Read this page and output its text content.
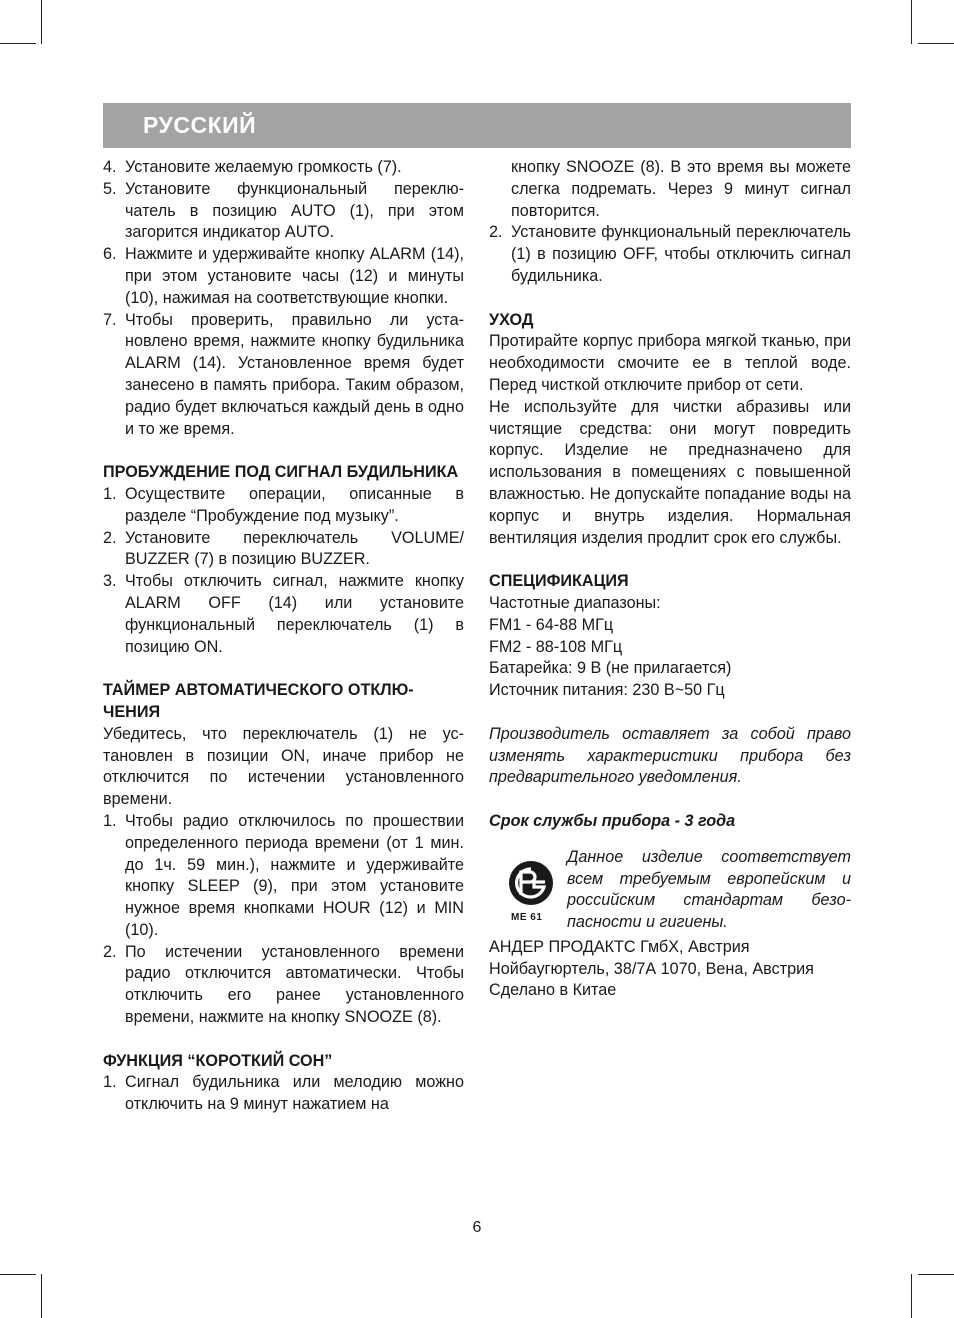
РУССКИЙ
4. Установите желаемую громкость (7).
5. Установите функциональный переключатель в позицию AUTO (1), при этом загорится индикатор AUTO.
6. Нажмите и удерживайте кнопку ALARM (14), при этом установите часы (12) и минуты (10), нажимая на соответствующие кнопки.
7. Чтобы проверить, правильно ли установлено время, нажмите кнопку будильника ALARM (14). Установленное время будет занесено в память прибора. Таким образом, радио будет включаться каждый день в одно и то же время.
ПРОБУЖДЕНИЕ ПОД СИГНАЛ БУДИЛЬНИКА
1. Осуществите операции, описанные в разделе “Пробуждение под музыку”.
2. Установите переключатель VOLUME/ BUZZER (7) в позицию BUZZER.
3. Чтобы отключить сигнал, нажмите кнопку ALARM OFF (14) или установите функциональный переключатель (1) в позицию ON.
ТАЙМЕР АВТОМАТИЧЕСКОГО ОТКЛЮЧЕНИЯ
Убедитесь, что переключатель (1) не установлен в позиции ON, иначе прибор не отключится по истечении установленного времени.
1. Чтобы радио отключилось по прошествии определенного периода времени (от 1 мин. до 1ч. 59 мин.), нажмите и удерживайте кнопку SLEEP (9), при этом установите нужное время кнопками HOUR (12) и MIN (10).
2. По истечении установленного времени радио отключится автоматически. Чтобы отключить его ранее установленного времени, нажмите на кнопку SNOOZE (8).
ФУНКЦИЯ “КОРОТКИЙ СОН”
1. Сигнал будильника или мелодию можно отключить на 9 минут нажатием на
кнопку SNOOZE (8). В это время вы можете слегка подремать. Через 9 минут сигнал повторится.
2. Установите функциональный переключатель (1) в позицию OFF, чтобы отключить сигнал будильника.
УХОД
Протирайте корпус прибора мягкой тканью, при необходимости смочите ее в теплой воде. Перед чисткой отключите прибор от сети.
Не используйте для чистки абразивы или чистящие средства: они могут повредить корпус. Изделие не предназначено для использования в помещениях с повышенной влажностью. Не допускайте попадание воды на корпус и внутрь изделия. Нормальная вентиляция изделия продлит срок его службы.
СПЕЦИФИКАЦИЯ
Частотные диапазоны:
FM1 - 64-88 МГц
FM2 - 88-108 МГц
Батарейка: 9 В (не прилагается)
Источник питания: 230 В~50 Гц
Производитель оставляет за собой право изменять характеристики прибора без предварительного уведомления.
Срок службы прибора - 3 года
МЕ 61
Данное изделие соответствует всем требуемым европейским и российским стандартам безопасности и гигиены.
АНДЕР ПРОДАКТС ГмбХ, Австрия
Нойбаугюртель, 38/7А 1070, Вена, Австрия
Сделано в Китае
6
